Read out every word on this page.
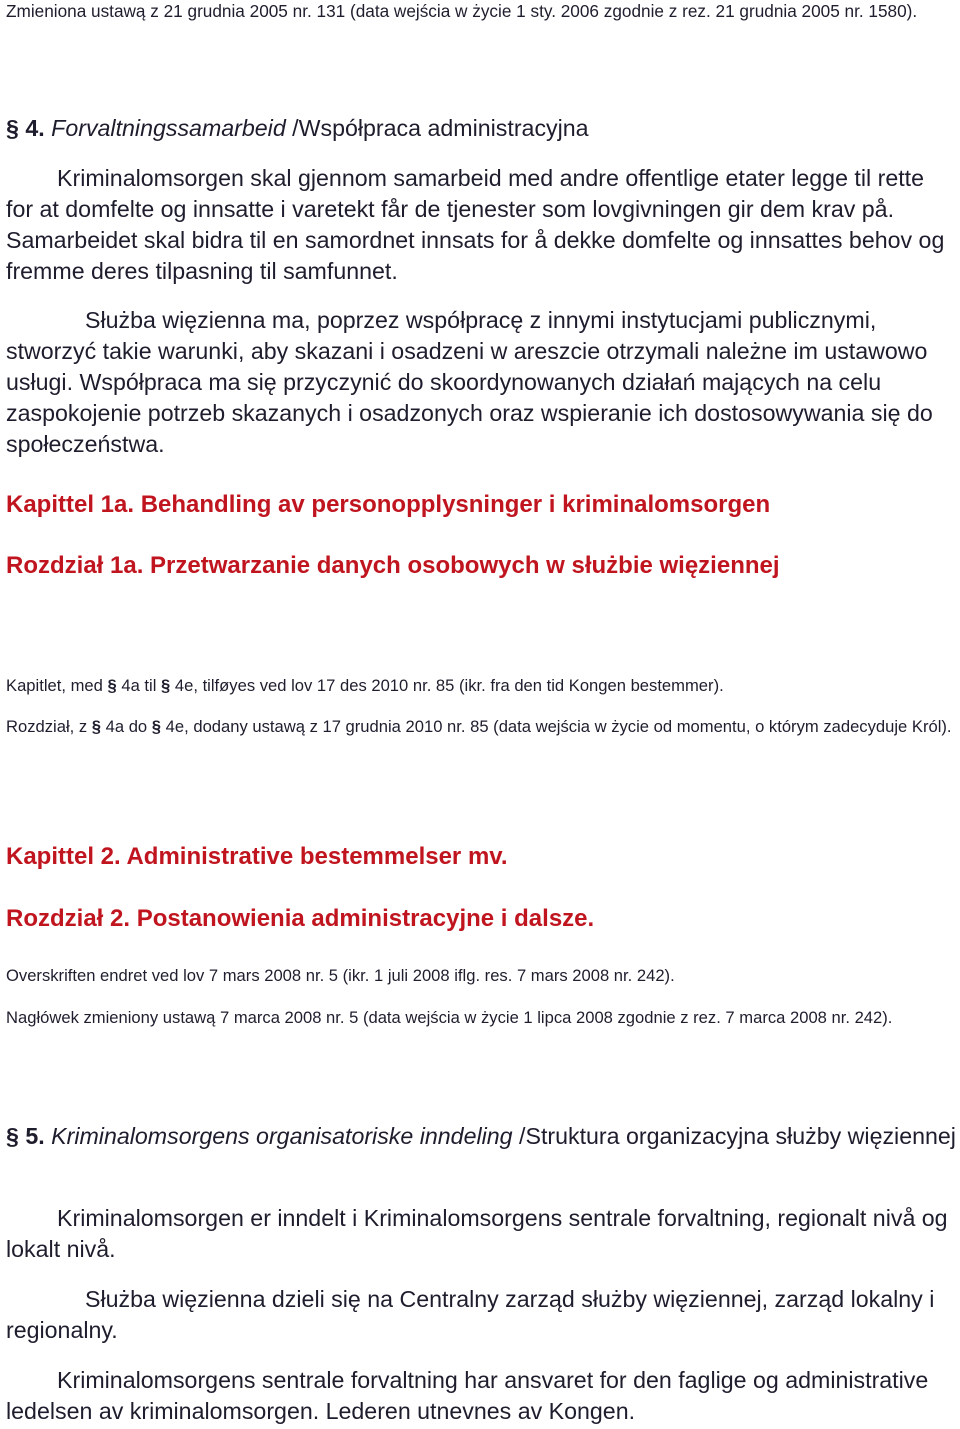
Zmieniona ustawą z 21 grudnia 2005 nr. 131 (data wejścia w życie 1 sty. 2006 zgodnie z rez. 21 grudnia 2005 nr. 1580).

§ 4. Forvaltningssamarbeid /Współpraca administracyjna

Kriminalomsorgen skal gjennom samarbeid med andre offentlige etater legge til rette for at domfelte og innsatte i varetekt får de tjenester som lovgivningen gir dem krav på. Samarbeidet skal bidra til en samordnet innsats for å dekke domfelte og innsattes behov og fremme deres tilpasning til samfunnet.

Służba więzienna ma, poprzez współpracę z innymi instytucjami publicznymi, stworzyć takie warunki, aby skazani i osadzeni w areszcie otrzymali należne im ustawowo usługi. Współpraca ma się przyczynić do skoordynowanych działań mających na celu zaspokojenie potrzeb skazanych i osadzonych oraz wspieranie ich dostosowywania się do społeczeństwa.

Kapittel 1a. Behandling av personopplysninger i kriminalomsorgen
Rozdział 1a. Przetwarzanie danych osobowych w służbie więziennej

Kapitlet, med § 4a til § 4e, tilføyes ved lov 17 des 2010 nr. 85 (ikr. fra den tid Kongen bestemmer).

Rozdział, z § 4a do § 4e, dodany ustawą z 17 grudnia 2010 nr. 85 (data wejścia w życie od momentu, o którym zadecyduje Król).

Kapittel 2. Administrative bestemmelser mv.
Rozdział 2. Postanowienia administracyjne i dalsze.

Overskriften endret ved lov 7 mars 2008 nr. 5 (ikr. 1 juli 2008 iflg. res. 7 mars 2008 nr. 242).

Nagłówek zmieniony ustawą 7 marca 2008 nr. 5 (data wejścia w życie 1 lipca 2008 zgodnie z rez. 7 marca 2008 nr. 242).

§ 5. Kriminalomsorgens organisatoriske inndeling /Struktura organizacyjna służby więziennej

Kriminalomsorgen er inndelt i Kriminalomsorgens sentrale forvaltning, regionalt nivå og lokalt nivå.

Służba więzienna dzieli się na Centralny zarząd służby więziennej, zarząd lokalny i regionalny.

Kriminalomsorgens sentrale forvaltning har ansvaret for den faglige og administrative ledelsen av kriminalomsorgen. Lederen utnevnes av Kongen.
